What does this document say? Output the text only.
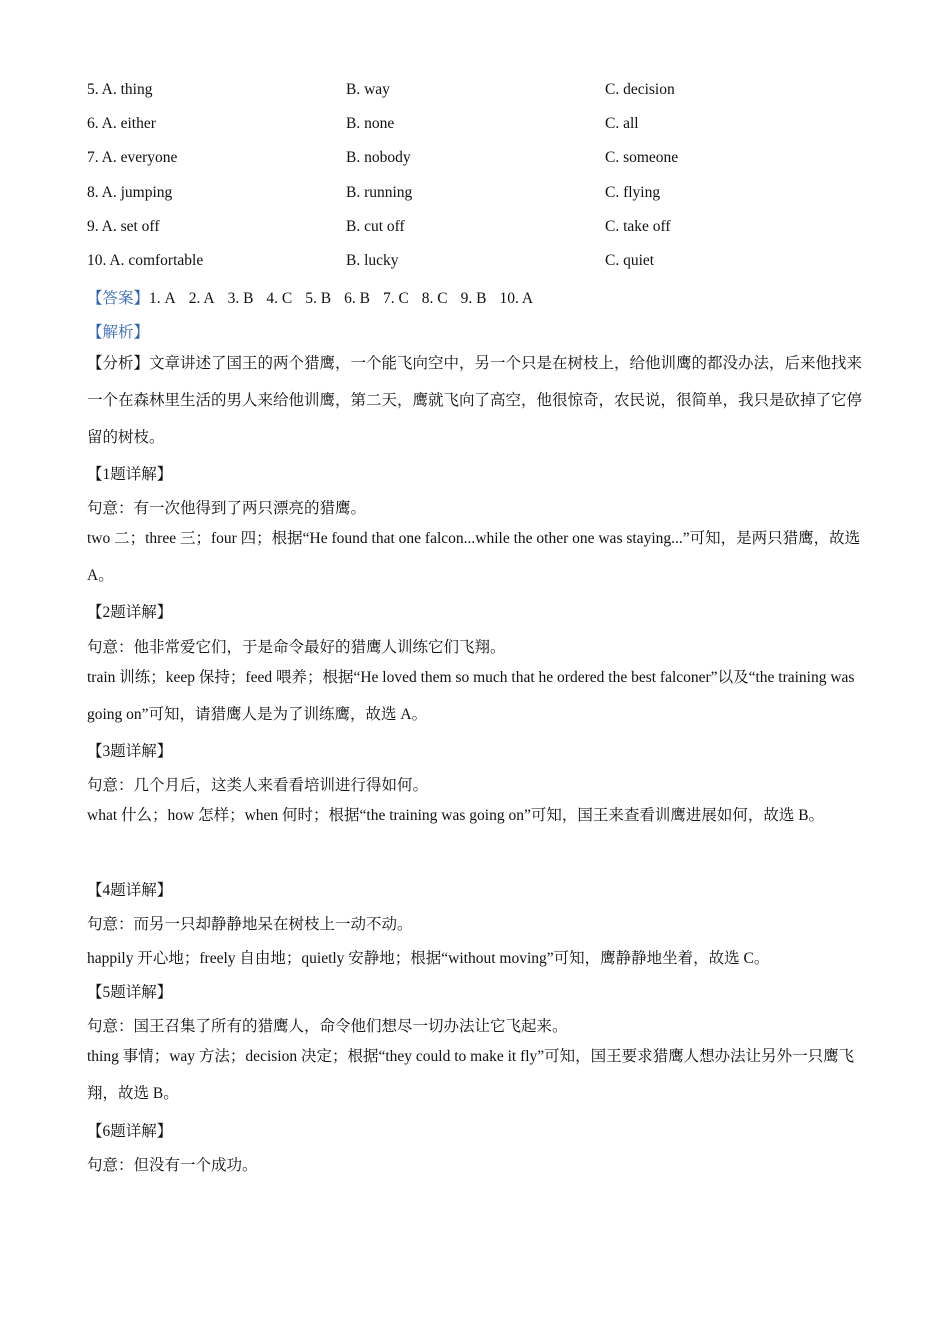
5. A. thing	B. way	C. decision
6. A. either	B. none	C. all
7. A. everyone	B. nobody	C. someone
8. A. jumping	B. running	C. flying
9. A. set off	B. cut off	C. take off
10. A. comfortable	B. lucky	C. quiet
【答案】1. A 2. A 3. B 4. C 5. B 6. B 7. C 8. C 9. B 10. A
【解析】
【分析】文章讲述了国王的两个猎鹰，一个能飞向空中，另一个只是在树枝上，给他训鹰的都没办法，后来他找来一个在森林里生活的男人来给他训鹰，第二天，鹰就飞向了高空，他很惊奇，农民说，很简单，我只是砍掉了它停留的树枝。
【1题详解】
句意：有一次他得到了两只漂亮的猎鹰。
two 二；three 三；four 四；根据“He found that one falcon...while the other one was staying...”可知，是两只猎鹰，故选 A。
【2题详解】
句意：他非常爱它们，于是命令最好的猎鹰人训练它们飞翔。
train 训练；keep 保持；feed 喂养；根据“He loved them so much that he ordered the best falconer”以及“the training was going on”可知，请猎鹰人是为了训练鹰，故选 A。
【3题详解】
句意：几个月后，这类人来看看培训进行得如何。
what 什么；how 怎样；when 何时；根据“the training was going on”可知，国王来查看训鹰进展如何，故选 B。
【4题详解】
句意：而另一只却静静地呆在树枝上一动不动。
happily 开心地；freely 自由地；quietly 安静地；根据“without moving”可知，鹰静静地坐着，故选 C。
【5题详解】
句意：国王召集了所有的猎鹰人，命令他们想尽一切办法让它飞起来。
thing 事情；way 方法；decision 决定；根据“they could to make it fly”可知，国王要求猎鹰人想办法让另外一只鹰飞翔，故选 B。
【6题详解】
句意：但没有一个成功。
